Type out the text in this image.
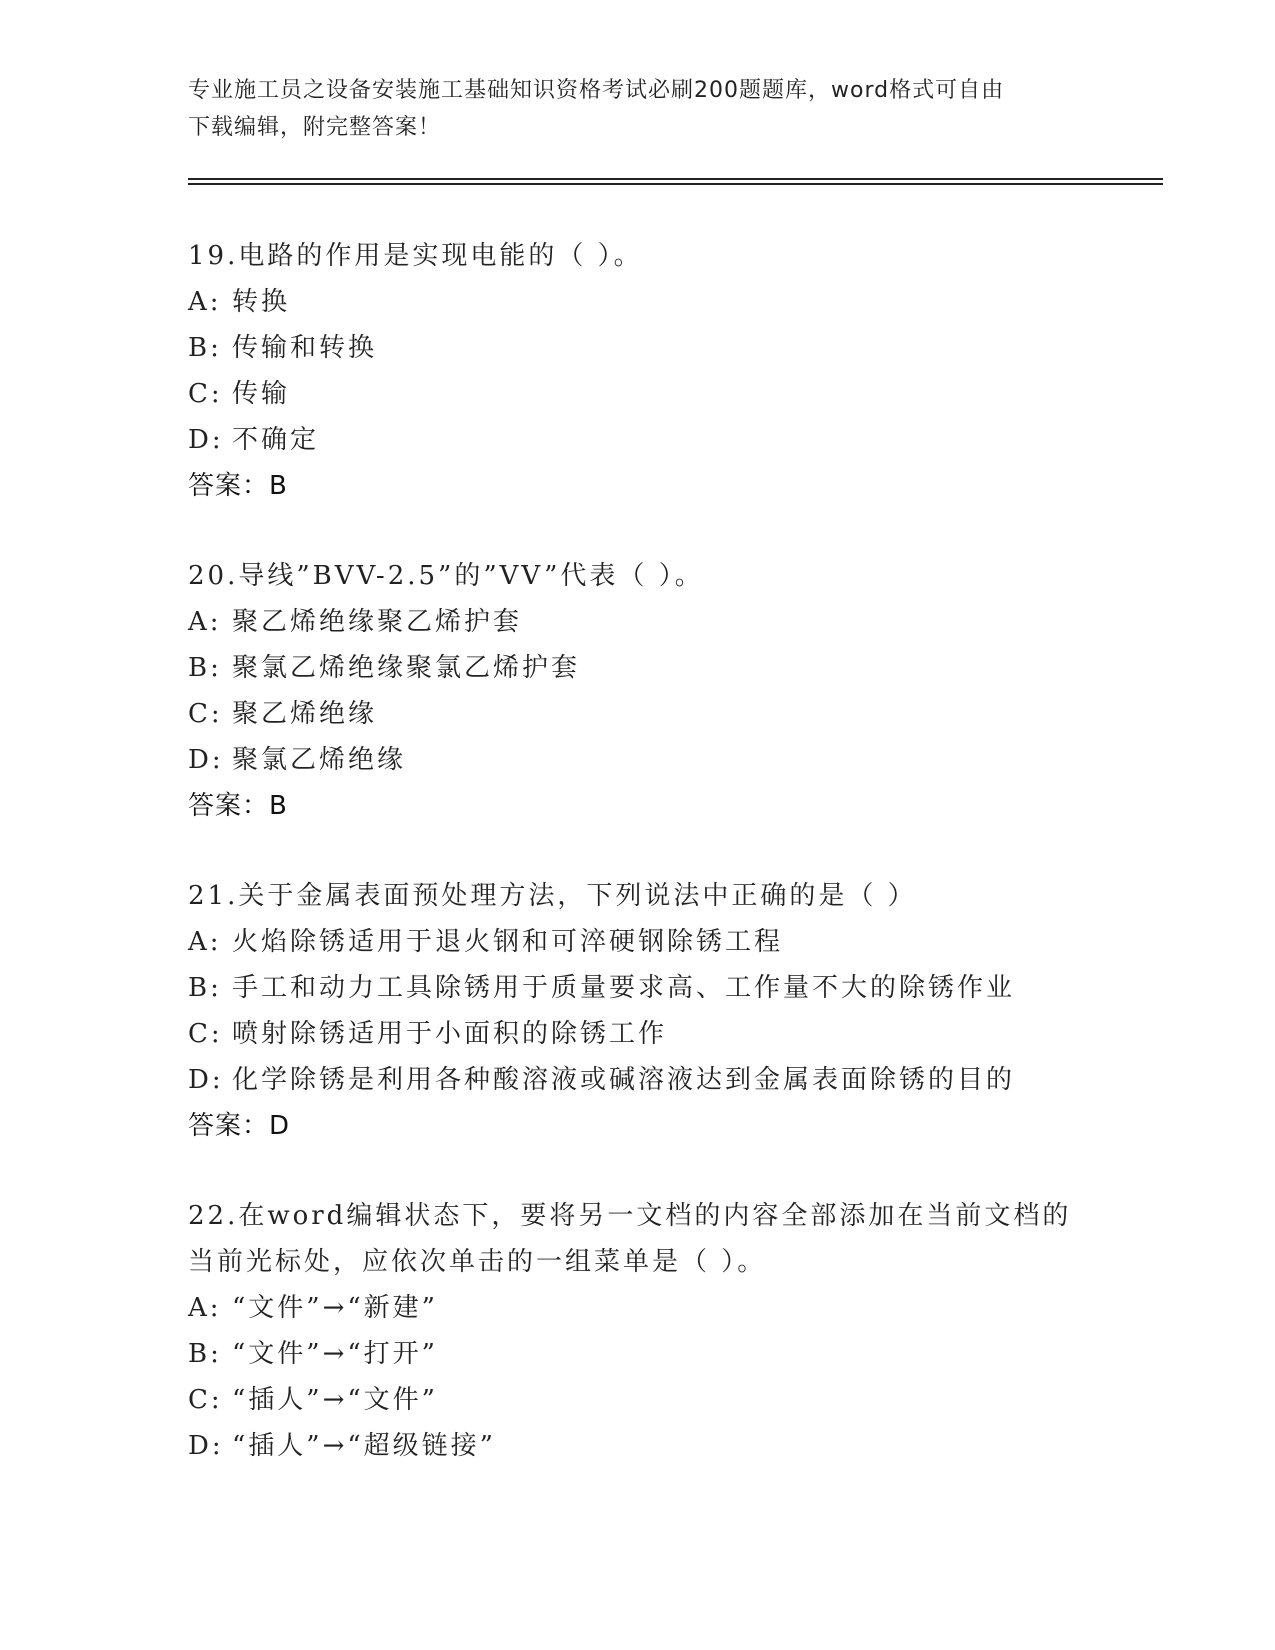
专业施工员之设备安装施工基础知识资格考试必刷200题题库，word格式可自由
下载编辑，附完整答案！
19.电路的作用是实现电能的（ ）。
A: 转换
B: 传输和转换
C: 传输
D: 不确定
答案：B
20.导线”BVV-2.5”的”VV”代表（ ）。
A: 聚乙烯绝缘聚乙烯护套
B: 聚氯乙烯绝缘聚氯乙烯护套
C: 聚乙烯绝缘
D: 聚氯乙烯绝缘
答案：B
21.关于金属表面预处理方法，下列说法中正确的是（ ）
A: 火焰除锈适用于退火钢和可淬硬钢除锈工程
B: 手工和动力工具除锈用于质量要求高、工作量不大的除锈作业
C: 喷射除锈适用于小面积的除锈工作
D: 化学除锈是利用各种酸溶液或碱溶液达到金属表面除锈的目的
答案：D
22.在word编辑状态下，要将另一文档的内容全部添加在当前文档的
当前光标处，应依次单击的一组菜单是（ ）。
A: “文件”→“新建”
B: “文件”→“打开”
C: “插人”→“文件”
D: “插人”→“超级链接”
